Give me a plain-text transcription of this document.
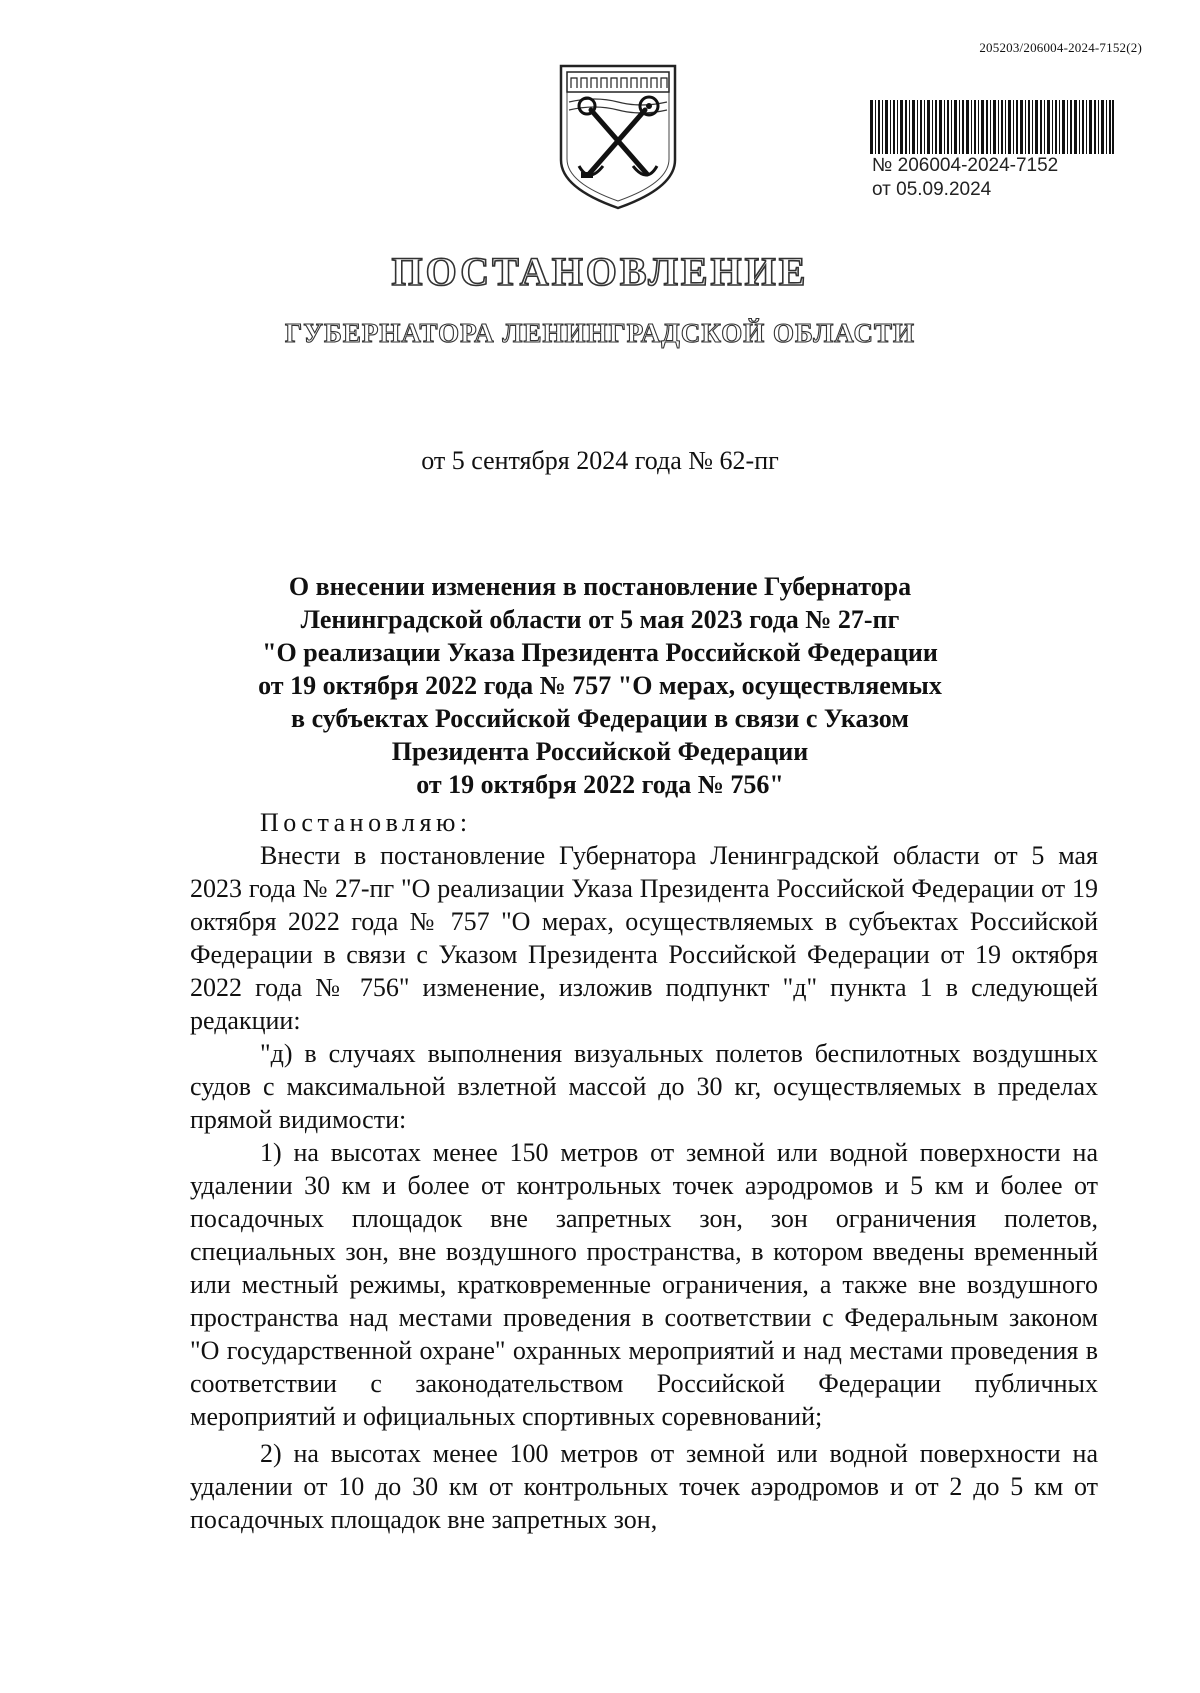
205203/206004-2024-7152(2)
№ 206004-2024-7152
от 05.09.2024
ПОСТАНОВЛЕНИЕ
ГУБЕРНАТОРА ЛЕНИНГРАДСКОЙ ОБЛАСТИ
от 5 сентября 2024 года № 62-пг
О внесении изменения в постановление Губернатора
Ленинградской области от 5 мая 2023 года № 27-пг
"О реализации Указа Президента Российской Федерации
от 19 октября 2022 года № 757 "О мерах, осуществляемых
в субъектах Российской Федерации в связи с Указом
Президента Российской Федерации
от 19 октября 2022 года № 756"

Постановляю:

Внести в постановление Губернатора Ленинградской области от 5 мая 2023 года № 27-пг "О реализации Указа Президента Российской Федерации от 19 октября 2022 года № 757 "О мерах, осуществляемых в субъектах Российской Федерации в связи с Указом Президента Российской Федерации от 19 октября 2022 года № 756" изменение, изложив подпункт "д" пункта 1 в следующей редакции:

"д) в случаях выполнения визуальных полетов беспилотных воздушных судов с максимальной взлетной массой до 30 кг, осуществляемых в пределах прямой видимости:

1) на высотах менее 150 метров от земной или водной поверхности на удалении 30 км и более от контрольных точек аэродромов и 5 км и более от посадочных площадок вне запретных зон, зон ограничения полетов, специальных зон, вне воздушного пространства, в котором введены временный или местный режимы, кратковременные ограничения, а также вне воздушного пространства над местами проведения в соответствии с Федеральным законом "О государственной охране" охранных мероприятий и над местами проведения в соответствии с законодательством Российской Федерации публичных мероприятий и официальных спортивных соревнований;

2) на высотах менее 100 метров от земной или водной поверхности на удалении от 10 до 30 км от контрольных точек аэродромов и от 2 до 5 км от посадочных площадок вне запретных зон,
